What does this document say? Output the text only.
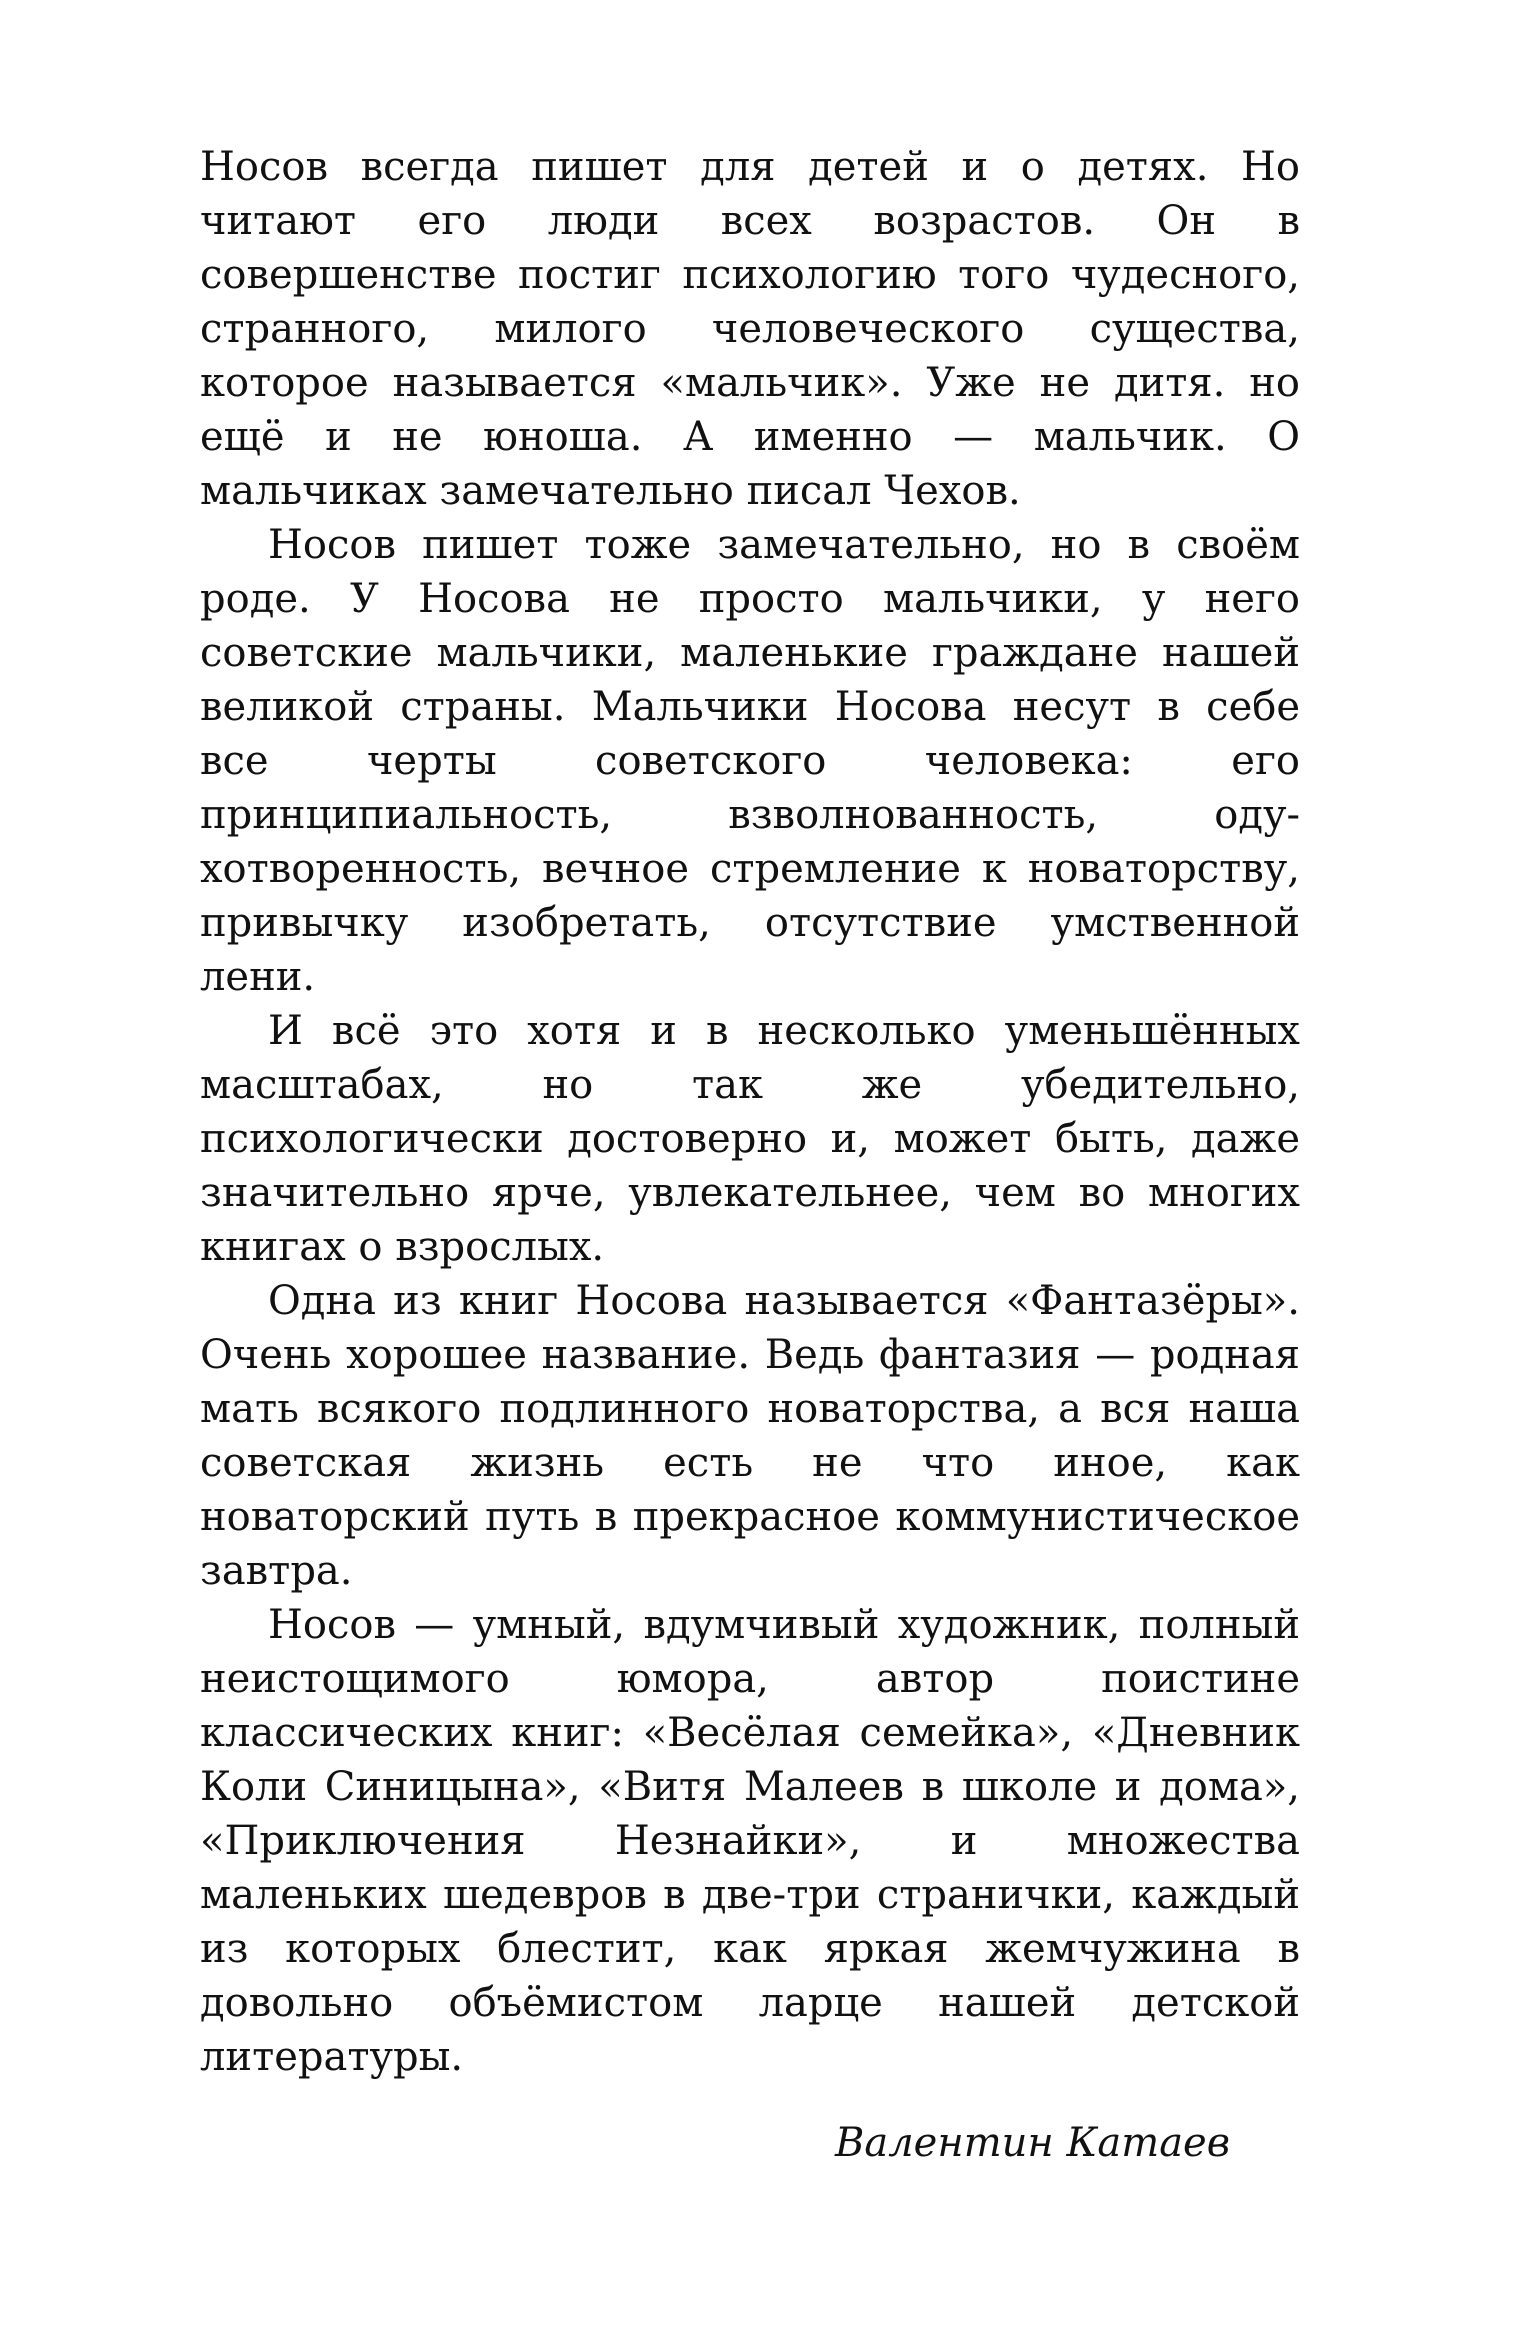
Носов всегда пишет для детей и о детях. Но читают его люди всех возрастов. Он в совершенстве постиг психологию того чудесного, странного, милого человеческого существа, которое называется «мальчик». Уже не дитя. но ещё и не юноша. А именно — мальчик. О мальчиках замечательно писал Чехов.

Носов пишет тоже замечательно, но в своём роде. У Носова не просто мальчики, у него советские мальчики, маленькие граждане нашей великой страны. Мальчики Носова несут в себе все черты советского человека: его принципиальность, взволнованность, одухотворенность, вечное стремление к новаторству, привычку изобретать, отсутствие умственной лени.

И всё это хотя и в несколько уменьшённых масштабах, но так же убедительно, психологически достоверно и, может быть, даже значительно ярче, увлекательнее, чем во многих книгах о взрослых.

Одна из книг Носова называется «Фантазёры». Очень хорошее название. Ведь фантазия — родная мать всякого подлинного новаторства, а вся наша советская жизнь есть не что иное, как новаторский путь в прекрасное коммунистическое завтра.

Носов — умный, вдумчивый художник, полный неистощимого юмора, автор поистине классических книг: «Весёлая семейка», «Дневник Коли Синицына», «Витя Малеев в школе и дома», «Приключения Незнайки», и множества маленьких шедевров в две-три странички, каждый из которых блестит, как яркая жемчужина в довольно объёмистом ларце нашей детской литературы.

Валентин Катаев
